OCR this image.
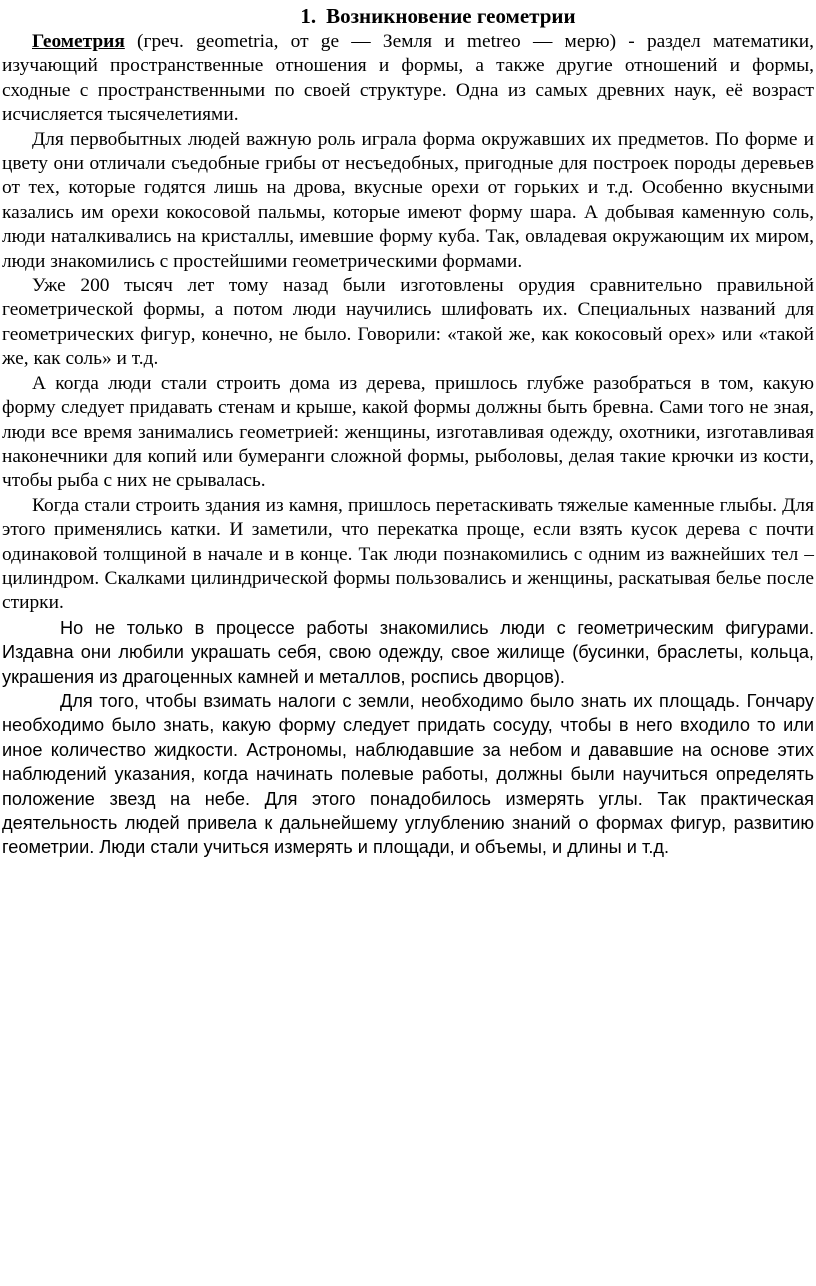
1. Возникновение геометрии

Геометрия (греч. geometria, от ge — Земля и metreo — мерю) - раздел математики, изучающий пространственные отношения и формы, а также другие отношений и формы, сходные с пространственными по своей структуре. Одна из самых древних наук, её возраст исчисляется тысячелетиями.

Для первобытных людей важную роль играла форма окружавших их предметов. По форме и цвету они отличали съедобные грибы от несъедобных, пригодные для построек породы деревьев от тех, которые годятся лишь на дрова, вкусные орехи от горьких и т.д. Особенно вкусными казались им орехи кокосовой пальмы, которые имеют форму шара. А добывая каменную соль, люди наталкивались на кристаллы, имевшие форму куба. Так, овладевая окружающим их миром, люди знакомились с простейшими геометрическими формами.

Уже 200 тысяч лет тому назад были изготовлены орудия сравнительно правильной геометрической формы, а потом люди научились шлифовать их. Специальных названий для геометрических фигур, конечно, не было. Говорили: «такой же, как кокосовый орех» или «такой же, как соль» и т.д.

А когда люди стали строить дома из дерева, пришлось глубже разобраться в том, какую форму следует придавать стенам и крыше, какой формы должны быть бревна. Сами того не зная, люди все время занимались геометрией: женщины, изготавливая одежду, охотники, изготавливая наконечники для копий или бумеранги сложной формы, рыболовы, делая такие крючки из кости, чтобы рыба с них не срывалась.

Когда стали строить здания из камня, пришлось перетаскивать тяжелые каменные глыбы. Для этого применялись катки. И заметили, что перекатка проще, если взять кусок дерева с почти одинаковой толщиной в начале и в конце. Так люди познакомились с одним из важнейших тел – цилиндром. Скалками цилиндрической формы пользовались и женщины, раскатывая белье после стирки.

Но не только в процессе работы знакомились люди с геометрическим фигурами. Издавна они любили украшать себя, свою одежду, свое жилище (бусинки, браслеты, кольца, украшения из драгоценных камней и металлов, роспись дворцов).

Для того, чтобы взимать налоги с земли, необходимо было знать их площадь. Гончару необходимо было знать, какую форму следует придать сосуду, чтобы в него входило то или иное количество жидкости. Астрономы, наблюдавшие за небом и дававшие на основе этих наблюдений указания, когда начинать полевые работы, должны были научиться определять положение звезд на небе. Для этого понадобилось измерять углы. Так практическая деятельность людей привела к дальнейшему углублению знаний о формах фигур, развитию геометрии. Люди стали учиться измерять и площади, и объемы, и длины и т.д.
